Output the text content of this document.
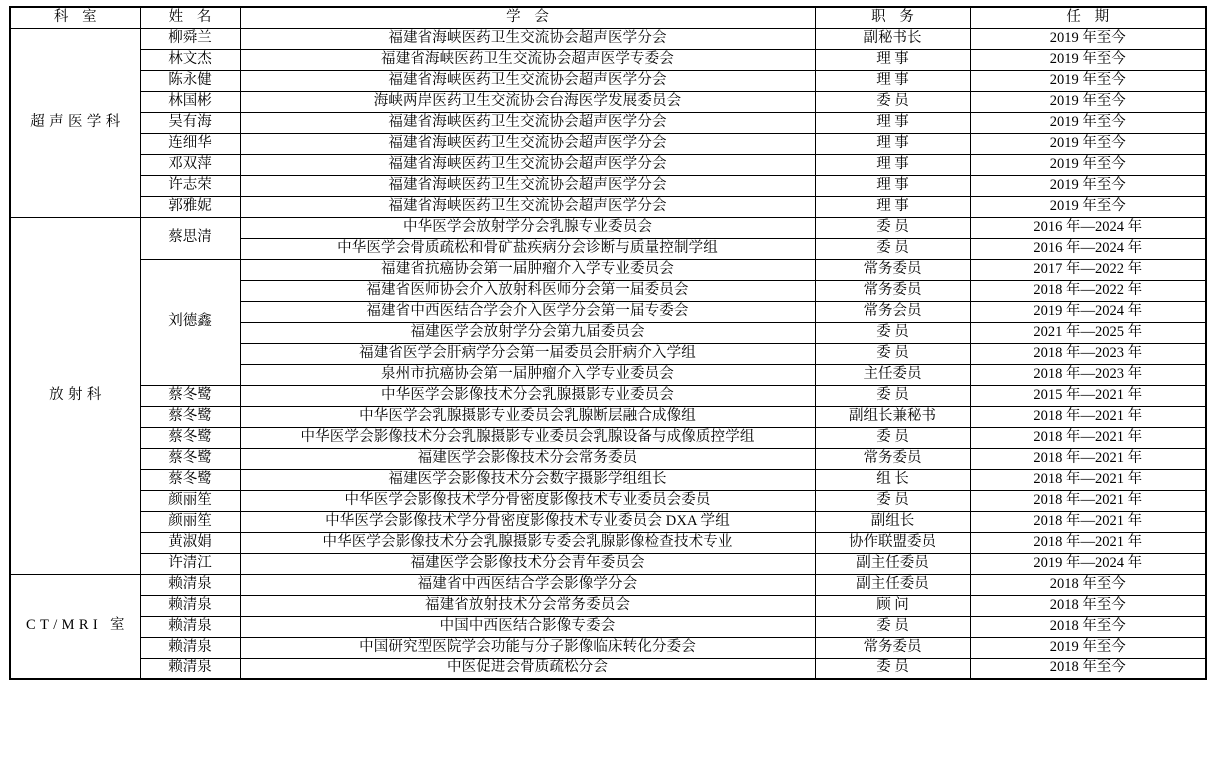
科 室	姓 名	学 会	职 务	任 期
超声医学科	柳舜兰	福建省海峡医药卫生交流协会超声医学分会	副秘书长	2019 年至今
	林文杰	福建省海峡医药卫生交流协会超声医学专委会	理 事	2019 年至今
	陈永健	福建省海峡医药卫生交流协会超声医学分会	理 事	2019 年至今
	林国彬	海峡两岸医药卫生交流协会台海医学发展委员会	委 员	2019 年至今
	吴有海	福建省海峡医药卫生交流协会超声医学分会	理 事	2019 年至今
	连细华	福建省海峡医药卫生交流协会超声医学分会	理 事	2019 年至今
	邓双萍	福建省海峡医药卫生交流协会超声医学分会	理 事	2019 年至今
	许志荣	福建省海峡医药卫生交流协会超声医学分会	理 事	2019 年至今
	郭雅妮	福建省海峡医药卫生交流协会超声医学分会	理 事	2019 年至今
放射科	蔡思清	中华医学会放射学分会乳腺专业委员会	委 员	2016 年—2024 年
		中华医学会骨质疏松和骨矿盐疾病分会诊断与质量控制学组	委 员	2016 年—2024 年
	刘德鑫	福建省抗癌协会第一届肿瘤介入学专业委员会	常务委员	2017 年—2022 年
		福建省医师协会介入放射科医师分会第一届委员会	常务委员	2018 年—2022 年
		福建省中西医结合学会介入医学分会第一届专委会	常务会员	2019 年—2024 年
		福建医学会放射学分会第九届委员会	委 员	2021 年—2025 年
		福建省医学会肝病学分会第一届委员会肝病介入学组	委 员	2018 年—2023 年
		泉州市抗癌协会第一届肿瘤介入学专业委员会	主任委员	2018 年—2023 年
	蔡冬鹭	中华医学会影像技术分会乳腺摄影专业委员会	委 员	2015 年—2021 年
	蔡冬鹭	中华医学会乳腺摄影专业委员会乳腺断层融合成像组	副组长兼秘书	2018 年—2021 年
	蔡冬鹭	中华医学会影像技术分会乳腺摄影专业委员会乳腺设备与成像质控学组	委 员	2018 年—2021 年
	蔡冬鹭	福建医学会影像技术分会常务委员	常务委员	2018 年—2021 年
	蔡冬鹭	福建医学会影像技术分会数字摄影学组组长	组 长	2018 年—2021 年
	颜丽笙	中华医学会影像技术学分骨密度影像技术专业委员会委员	委 员	2018 年—2021 年
	颜丽笙	中华医学会影像技术学分骨密度影像技术专业委员会 DXA 学组	副组长	2018 年—2021 年
	黄淑娟	中华医学会影像技术分会乳腺摄影专委会乳腺影像检查技术专业	协作联盟委员	2018 年—2021 年
	许清江	福建医学会影像技术分会青年委员会	副主任委员	2019 年—2024 年
CT/MRI 室	赖清泉	福建省中西医结合学会影像学分会	副主任委员	2018 年至今
	赖清泉	福建省放射技术分会常务委员会	顾 问	2018 年至今
	赖清泉	中国中西医结合影像专委会	委 员	2018 年至今
	赖清泉	中国研究型医院学会功能与分子影像临床转化分委会	常务委员	2019 年至今
	赖清泉	中医促进会骨质疏松分会	委 员	2018 年至今
